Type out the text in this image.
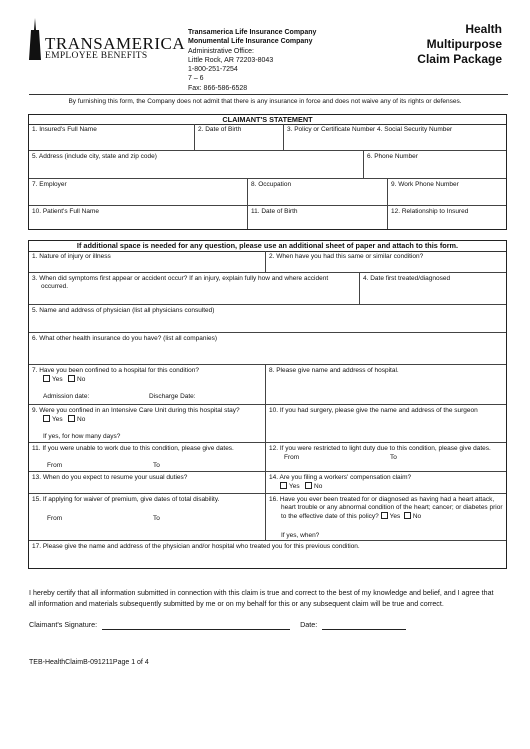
TRANSAMERICA
EMPLOYEE BENEFITS
Transamerica Life Insurance Company
Monumental Life Insurance Company
Administrative Office:
Little Rock, AR 72203-8043
1-800-251-7254
7 – 6
Fax: 866-586-6528
Health
Multipurpose
Claim Package
By furnishing this form, the Company does not admit that there is any insurance in force and does not waive any of its rights or defenses.
CLAIMANT'S STATEMENT
1. Insured's Full Name	2. Date of Birth	3. Policy or Certificate Number 4. Social Security Number
5. Address (include city, state and zip code)	6. Phone Number
7. Employer	8. Occupation	9. Work Phone Number
10. Patient's Full Name	11. Date of Birth	12. Relationship to Insured
If additional space is needed for any question, please use an additional sheet of paper and attach to this form.
1. Nature of injury or illness	2. When have you had this same or similar condition?
3. When did symptoms first appear or accident occur? If an injury, explain fully how and where accident
occurred.
4. Date first treated/diagnosed
5. Name and address of physician (list all physicians consulted)
6. What other health insurance do you have? (list all companies)
7. Have you been confined to a hospital for this condition?
Yes No
Admission date:	Discharge Date:
8. Please give name and address of hospital.
9. Were you confined in an Intensive Care Unit during this hospital stay?
Yes No
If yes, for how many days?
10. If you had surgery, please give the name and address of the surgeon
11. If you were unable to work due to this condition, please give dates.
From	To
12. If you were restricted to light duty due to this condition, please give dates.
From	To
13. When do you expect to resume your usual duties?	14. Are you filing a workers' compensation claim?
Yes No
15. If applying for waiver of premium, give dates of total disability.
From	To
16. Have you ever been treated for or diagnosed as having had a heart attack,
heart trouble or any abnormal condition of the heart; cancer; or diabetes prior
to the effective date of this policy? Yes No
If yes, when?
17. Please give the name and address of the physician and/or hospital who treated you for this previous condition.
I hereby certify that all information submitted in connection with this claim is true and correct to the best of my knowledge and belief, and I agree that all information and materials subsequently submitted by me or on my behalf for this or any subsequent claim will be true and correct.
Claimant's Signature:	Date:
TEB-HealthClaimB-091211Page 1 of 4
